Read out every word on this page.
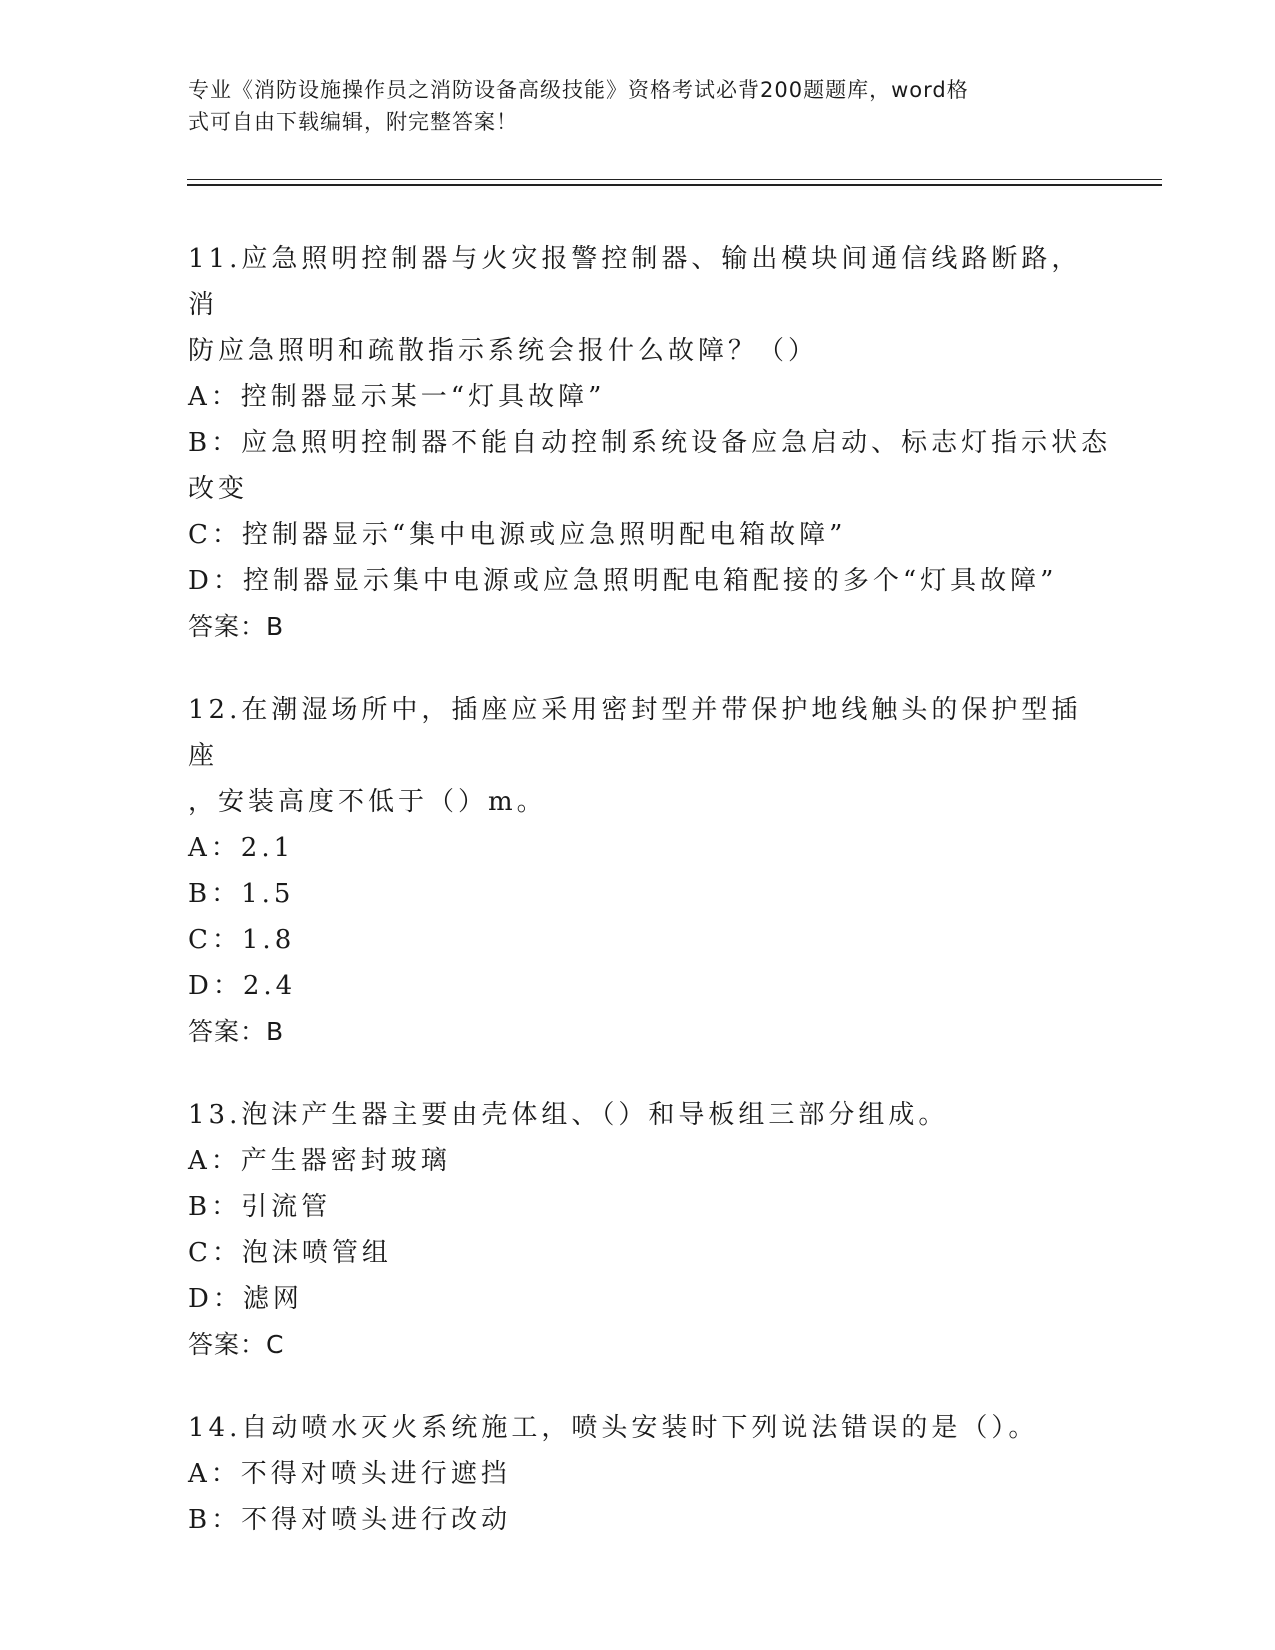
专业《消防设施操作员之消防设备高级技能》资格考试必背200题题库，word格
式可自由下载编辑，附完整答案！
11.应急照明控制器与火灾报警控制器、输出模块间通信线路断路，消
防应急照明和疏散指示系统会报什么故障？（）
A：控制器显示某一“灯具故障”
B：应急照明控制器不能自动控制系统设备应急启动、标志灯指示状态
改变
C：控制器显示“集中电源或应急照明配电箱故障”
D：控制器显示集中电源或应急照明配电箱配接的多个“灯具故障”
答案：B
12.在潮湿场所中，插座应采用密封型并带保护地线触头的保护型插座
，安装高度不低于（）m。
A：2.1
B：1.5
C：1.8
D：2.4
答案：B
13.泡沫产生器主要由壳体组、（）和导板组三部分组成。
A：产生器密封玻璃
B：引流管
C：泡沫喷管组
D：滤网
答案：C
14.自动喷水灭火系统施工，喷头安装时下列说法错误的是（）。
A：不得对喷头进行遮挡
B：不得对喷头进行改动
